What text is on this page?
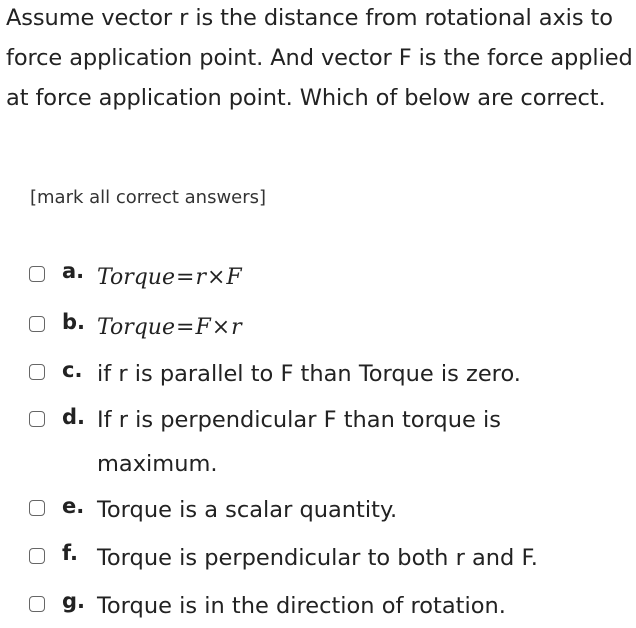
Assume vector r is the distance from rotational axis to force application point. And vector F is the force applied at force application point. Which of below are correct.
[mark all correct answers]
a. Torque=r×F
b. Torque=F×r
c. if r is parallel to F than Torque is zero.
d. If r is perpendicular F than torque is maximum.
e. Torque is a scalar quantity.
f. Torque is perpendicular to both r and F.
g. Torque is in the direction of rotation.
